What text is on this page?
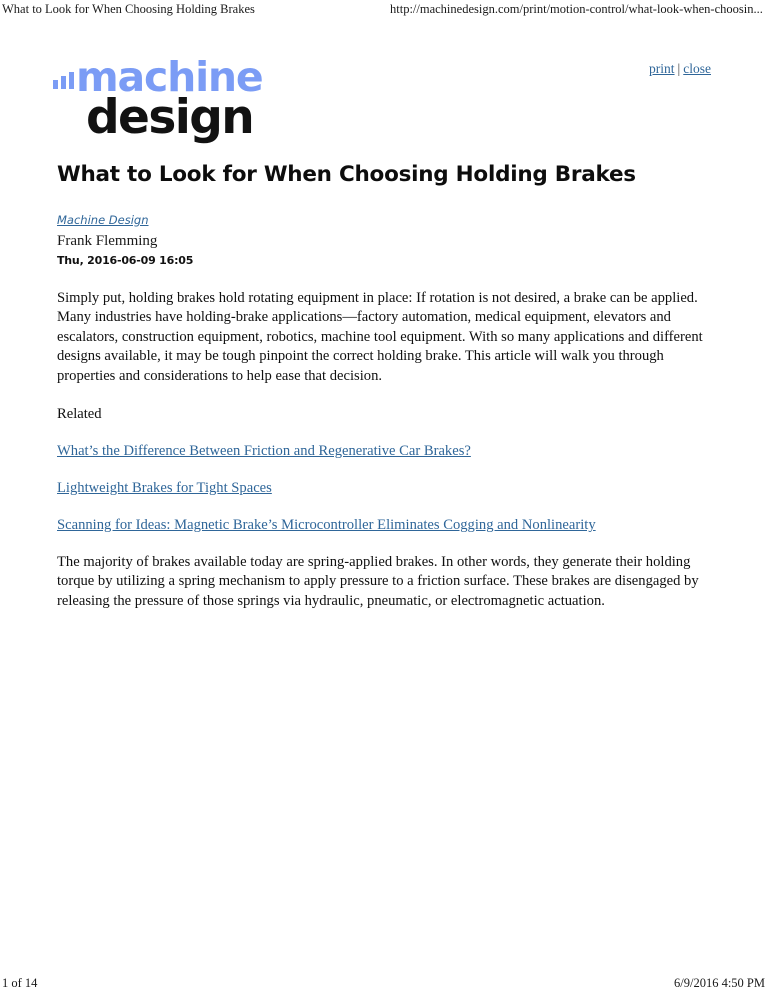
What to Look for When Choosing Holding Brakes	http://machinedesign.com/print/motion-control/what-look-when-choosin...
machine
design
print | close
What to Look for When Choosing Holding Brakes
Machine Design
Frank Flemming
Thu, 2016-06-09 16:05

Simply put, holding brakes hold rotating equipment in place: If rotation is not desired, a brake can be applied. Many industries have holding-brake applications—factory automation, medical equipment, elevators and escalators, construction equipment, robotics, machine tool equipment. With so many applications and different designs available, it may be tough pinpoint the correct holding brake. This article will walk you through properties and considerations to help ease that decision.

Related
What’s the Difference Between Friction and Regenerative Car Brakes?
Lightweight Brakes for Tight Spaces
Scanning for Ideas: Magnetic Brake’s Microcontroller Eliminates Cogging and Nonlinearity

The majority of brakes available today are spring-applied brakes. In other words, they generate their holding torque by utilizing a spring mechanism to apply pressure to a friction surface. These brakes are disengaged by releasing the pressure of those springs via hydraulic, pneumatic, or electromagnetic actuation.

1 of 14	6/9/2016 4:50 PM
